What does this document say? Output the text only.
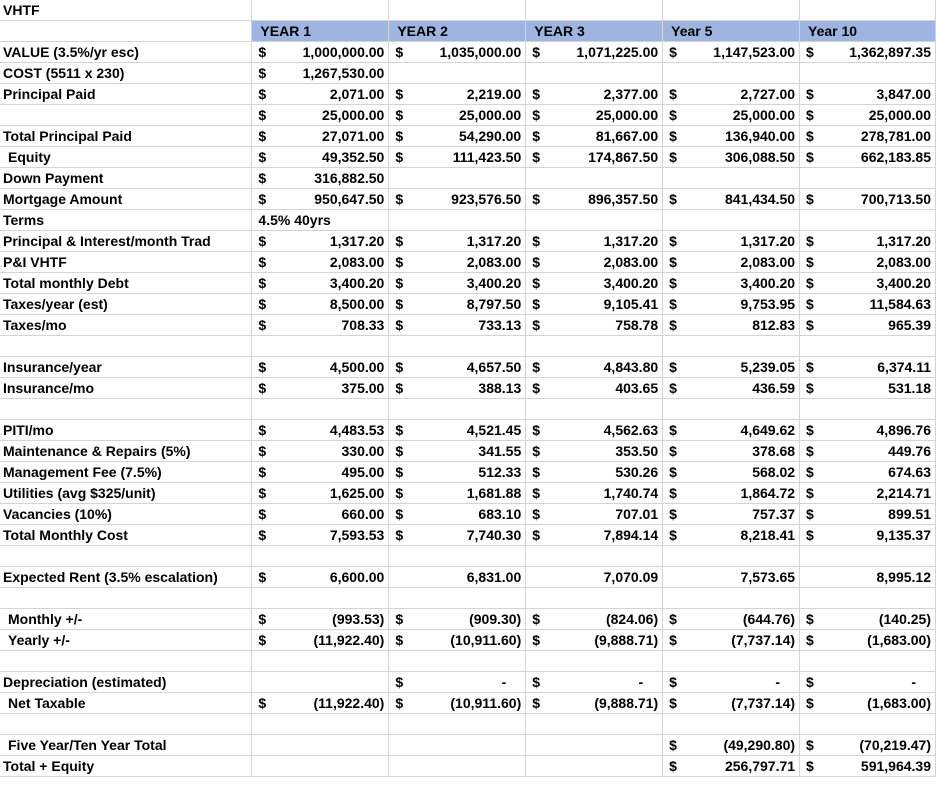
VHTF					
	YEAR 1	YEAR 2	YEAR 3	Year 5	Year 10
VALUE (3.5%/yr esc)	$ 1,000,000.00	$ 1,035,000.00	$ 1,071,225.00	$ 1,147,523.00	$ 1,362,897.35

COST (5511 x 230)	$ 1,267,530.00				

Principal Paid	$ 2,071.00	$ 2,219.00	$ 2,377.00	$ 2,727.00	$ 3,847.00

	$ 25,000.00	$ 25,000.00	$ 25,000.00	$ 25,000.00	$ 25,000.00

Total Principal Paid	$ 27,071.00	$ 54,290.00	$ 81,667.00	$ 136,940.00	$ 278,781.00

Equity	$ 49,352.50	$ 111,423.50	$ 174,867.50	$ 306,088.50	$ 662,183.85

Down Payment	$ 316,882.50				

Mortgage Amount	$ 950,647.50	$ 923,576.50	$ 896,357.50	$ 841,434.50	$ 700,713.50

Terms	4.5% 40yrs				

Principal & Interest/month Trad	$ 1,317.20	$ 1,317.20	$ 1,317.20	$ 1,317.20	$ 1,317.20

P&I VHTF	$ 2,083.00	$ 2,083.00	$ 2,083.00	$ 2,083.00	$ 2,083.00

Total monthly Debt	$ 3,400.20	$ 3,400.20	$ 3,400.20	$ 3,400.20	$ 3,400.20

Taxes/year (est)	$ 8,500.00	$ 8,797.50	$ 9,105.41	$ 9,753.95	$ 11,584.63

Taxes/mo	$ 708.33	$ 733.13	$ 758.78	$ 812.83	$ 965.39

Insurance/year	$ 4,500.00	$ 4,657.50	$ 4,843.80	$ 5,239.05	$ 6,374.11

Insurance/mo	$ 375.00	$ 388.13	$ 403.65	$ 436.59	$ 531.18

PITI/mo	$ 4,483.53	$ 4,521.45	$ 4,562.63	$ 4,649.62	$ 4,896.76

Maintenance & Repairs (5%)	$ 330.00	$ 341.55	$ 353.50	$ 378.68	$ 449.76

Management Fee (7.5%)	$ 495.00	$ 512.33	$ 530.26	$ 568.02	$ 674.63

Utilities (avg $325/unit)	$ 1,625.00	$ 1,681.88	$ 1,740.74	$ 1,864.72	$ 2,214.71

Vacancies (10%)	$ 660.00	$ 683.10	$ 707.01	$ 757.37	$ 899.51

Total Monthly Cost	$ 7,593.53	$ 7,740.30	$ 7,894.14	$ 8,218.41	$ 9,135.37

Expected Rent (3.5% escalation)	$ 6,600.00	6,831.00	7,070.09	7,573.65	8,995.12

Monthly +/-	$ (993.53)	$ (909.30)	$ (824.06)	$ (644.76)	$ (140.25)

Yearly +/-	$ (11,922.40)	$ (10,911.60)	$ (9,888.71)	$ (7,737.14)	$ (1,683.00)

Depreciation (estimated)		$ -	$ -	$ -	$ -

Net Taxable	$ (11,922.40)	$ (10,911.60)	$ (9,888.71)	$ (7,737.14)	$ (1,683.00)

Five Year/Ten Year Total				$ (49,290.80)	$ (70,219.47)

Total + Equity				$ 256,797.71	$ 591,964.39
